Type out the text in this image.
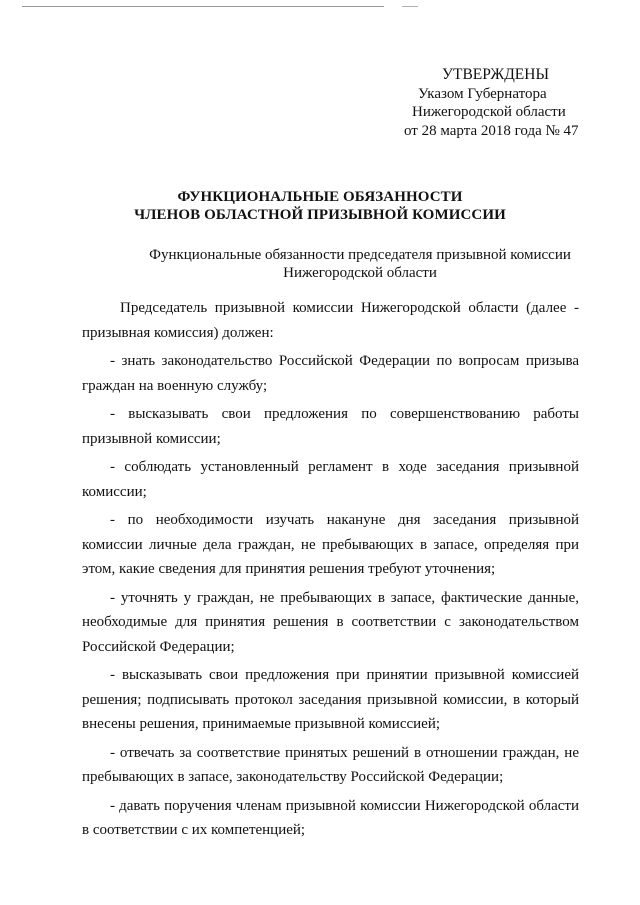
УТВЕРЖДЕНЫ
Указом Губернатора
Нижегородской области
от 28 марта 2018 года № 47
ФУНКЦИОНАЛЬНЫЕ ОБЯЗАННОСТИ
ЧЛЕНОВ ОБЛАСТНОЙ ПРИЗЫВНОЙ КОМИССИИ
Функциональные обязанности председателя призывной комиссии
Нижегородской области

Председатель призывной комиссии Нижегородской области (далее - призывная комиссия) должен:

- знать законодательство Российской Федерации по вопросам призыва граждан на военную службу;

- высказывать свои предложения по совершенствованию работы призывной комиссии;

- соблюдать установленный регламент в ходе заседания призывной комиссии;

- по необходимости изучать накануне дня заседания призывной комиссии личные дела граждан, не пребывающих в запасе, определяя при этом, какие сведения для принятия решения требуют уточнения;

- уточнять у граждан, не пребывающих в запасе, фактические данные, необходимые для принятия решения в соответствии с законодательством Российской Федерации;

- высказывать свои предложения при принятии призывной комиссией решения; подписывать протокол заседания призывной комиссии, в который внесены решения, принимаемые призывной комиссией;

- отвечать за соответствие принятых решений в отношении граждан, не пребывающих в запасе, законодательству Российской Федерации;

- давать поручения членам призывной комиссии Нижегородской области в соответствии с их компетенцией;
